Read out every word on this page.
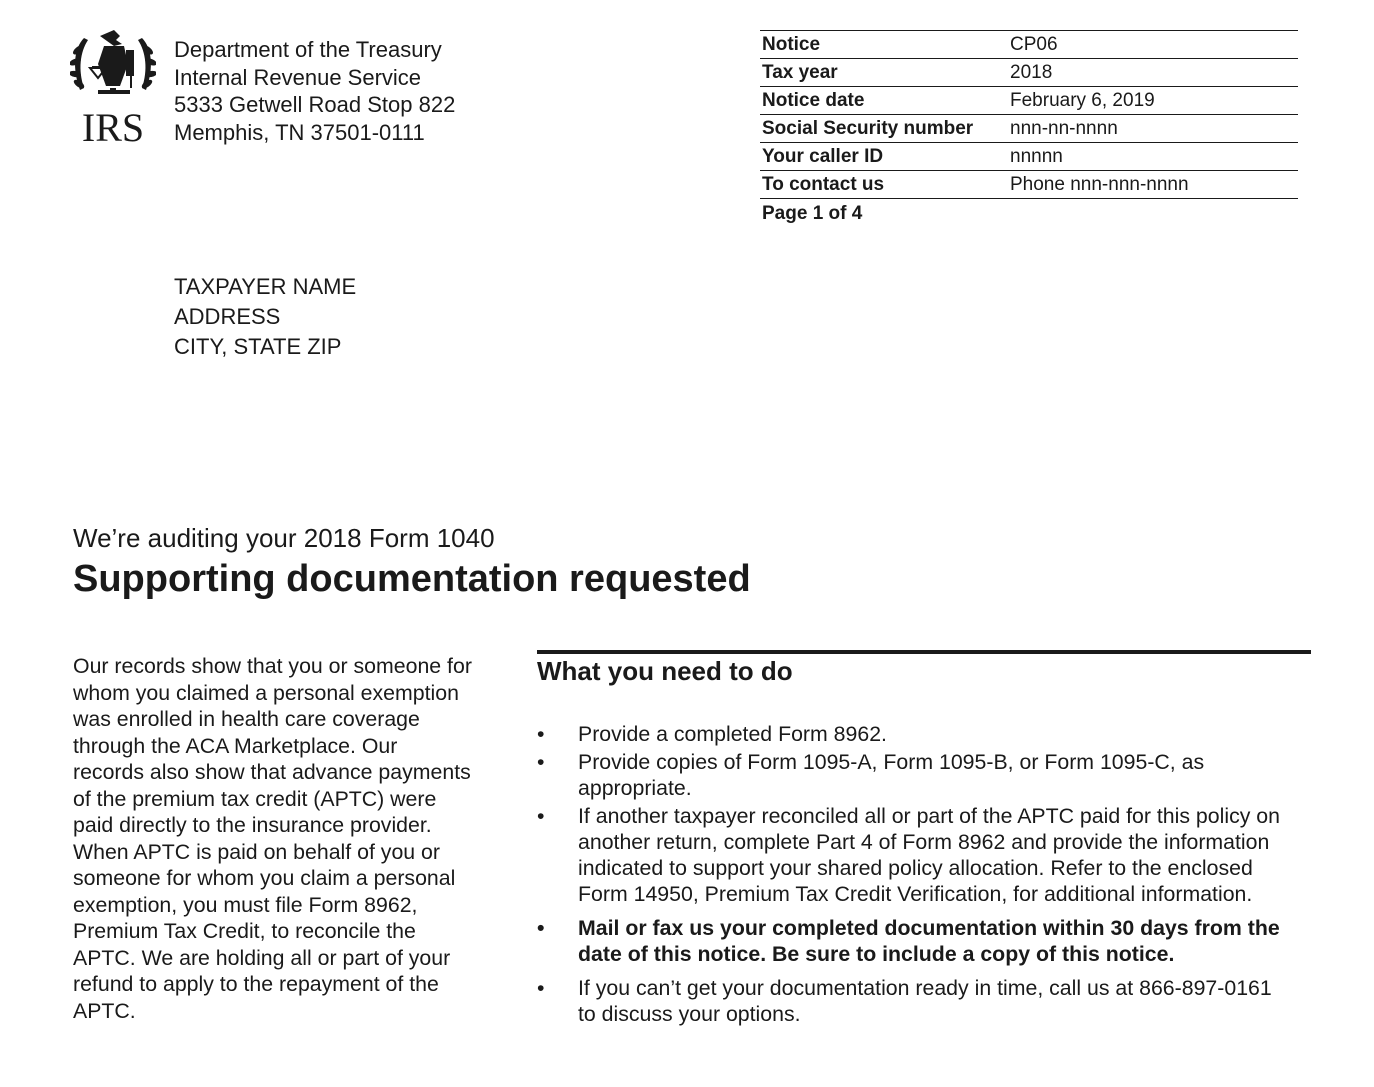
IRS
Department of the Treasury
Internal Revenue Service
5333 Getwell Road Stop 822
Memphis, TN 37501-0111
Notice	CP06
Tax year	2018
Notice date	February 6, 2019
Social Security number	nnn-nn-nnnn
Your caller ID	nnnnn
To contact us	Phone nnn-nnn-nnnn
Page 1 of 4	
TAXPAYER NAME
ADDRESS
CITY, STATE ZIP
We’re auditing your 2018 Form 1040
Supporting documentation requested
Our records show that you or someone for whom you claimed a personal exemption was enrolled in health care coverage through the ACA Marketplace. Our records also show that advance payments of the premium tax credit (APTC) were paid directly to the insurance provider. When APTC is paid on behalf of you or someone for whom you claim a personal exemption, you must file Form 8962, Premium Tax Credit, to reconcile the APTC. We are holding all or part of your refund to apply to the repayment of the APTC.
What you need to do
• Provide a completed Form 8962.
• Provide copies of Form 1095-A, Form 1095-B, or Form 1095-C, as appropriate.
• If another taxpayer reconciled all or part of the APTC paid for this policy on another return, complete Part 4 of Form 8962 and provide the information indicated to support your shared policy allocation. Refer to the enclosed Form 14950, Premium Tax Credit Verification, for additional information.
• Mail or fax us your completed documentation within 30 days from the date of this notice. Be sure to include a copy of this notice.
• If you can’t get your documentation ready in time, call us at 866-897-0161 to discuss your options.
